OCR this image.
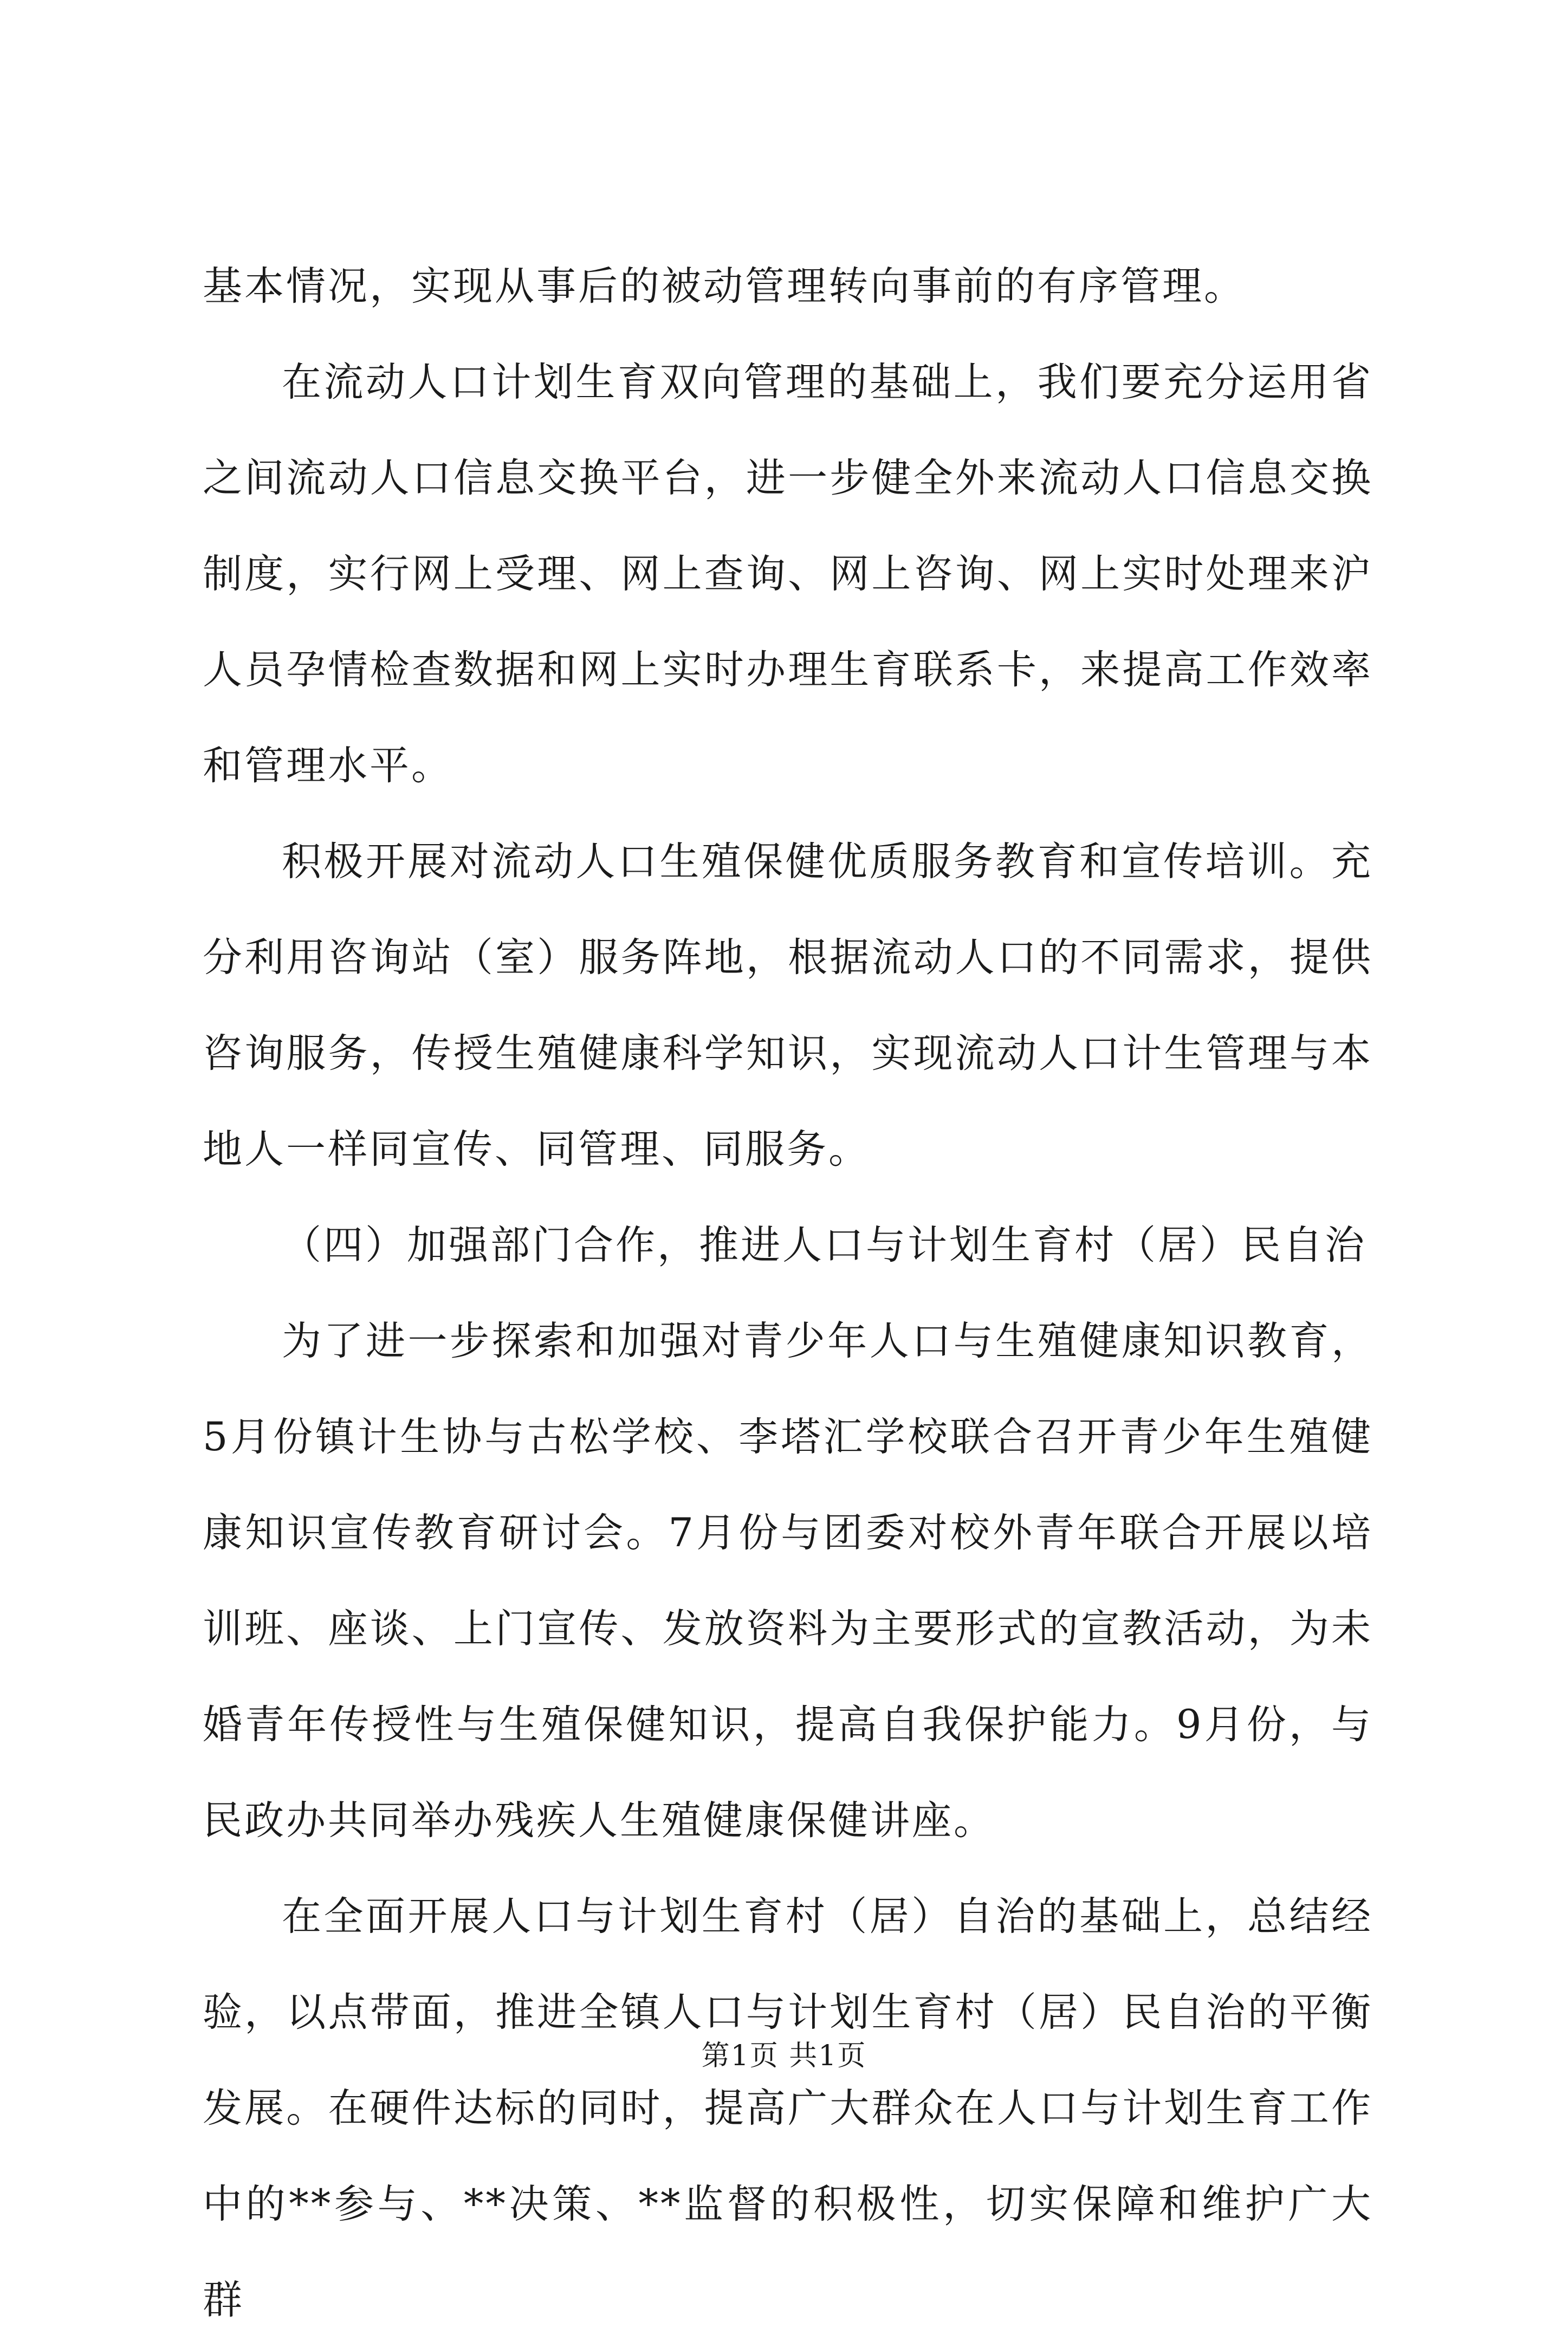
基本情况，实现从事后的被动管理转向事前的有序管理。

在流动人口计划生育双向管理的基础上，我们要充分运用省之间流动人口信息交换平台，进一步健全外来流动人口信息交换制度，实行网上受理、网上查询、网上咨询、网上实时处理来沪人员孕情检查数据和网上实时办理生育联系卡，来提高工作效率和管理水平。

积极开展对流动人口生殖保健优质服务教育和宣传培训。充分利用咨询站（室）服务阵地，根据流动人口的不同需求，提供咨询服务，传授生殖健康科学知识，实现流动人口计生管理与本地人一样同宣传、同管理、同服务。

（四）加强部门合作，推进人口与计划生育村（居）民自治

为了进一步探索和加强对青少年人口与生殖健康知识教育，5月份镇计生协与古松学校、李塔汇学校联合召开青少年生殖健康知识宣传教育研讨会。7月份与团委对校外青年联合开展以培训班、座谈、上门宣传、发放资料为主要形式的宣教活动，为未婚青年传授性与生殖保健知识，提高自我保护能力。9月份，与民政办共同举办残疾人生殖健康保健讲座。

在全面开展人口与计划生育村（居）自治的基础上，总结经验，以点带面，推进全镇人口与计划生育村（居）民自治的平衡发展。在硬件达标的同时，提高广大群众在人口与计划生育工作中的**参与、**决策、**监督的积极性，切实保障和维护广大群

第1页 共1页
